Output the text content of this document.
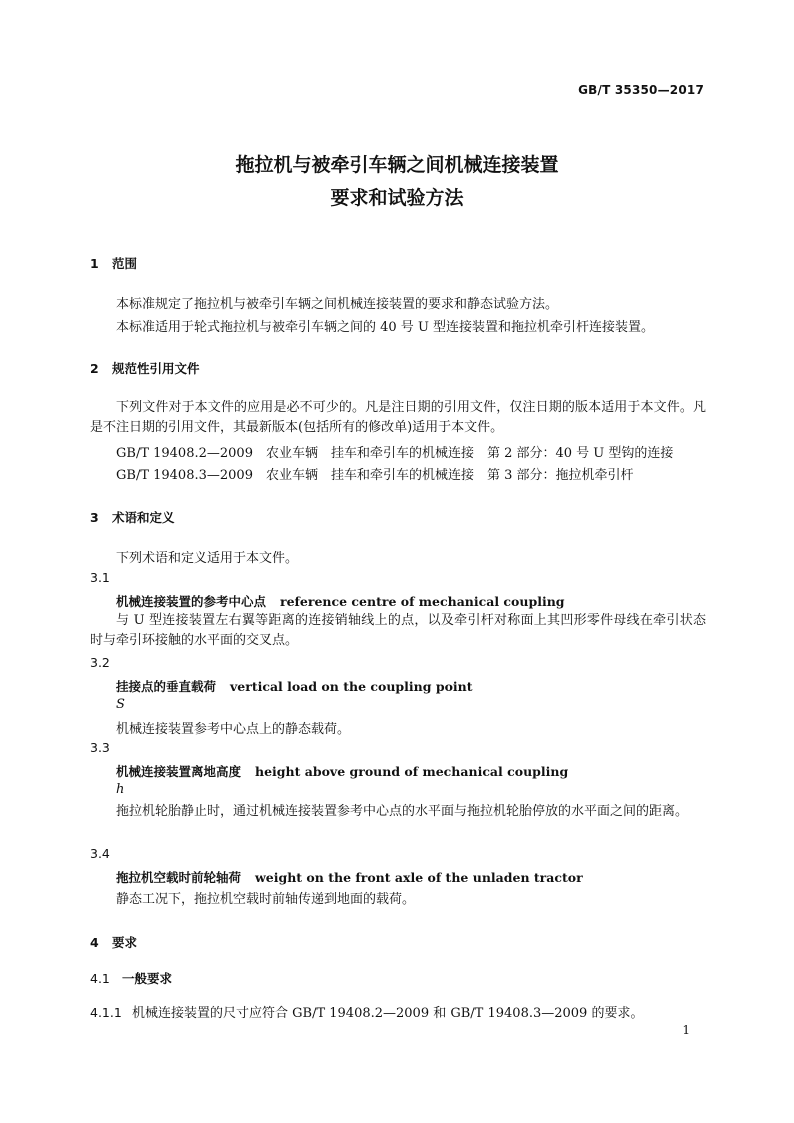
GB/T 35350—2017
拖拉机与被牵引车辆之间机械连接装置
要求和试验方法
1 范围
本标准规定了拖拉机与被牵引车辆之间机械连接装置的要求和静态试验方法。
本标准适用于轮式拖拉机与被牵引车辆之间的 40 号 U 型连接装置和拖拉机牵引杆连接装置。
2 规范性引用文件
下列文件对于本文件的应用是必不可少的。凡是注日期的引用文件，仅注日期的版本适用于本文件。凡是不注日期的引用文件，其最新版本(包括所有的修改单)适用于本文件。
GB/T 19408.2—2009　农业车辆　挂车和牵引车的机械连接　第 2 部分：40 号 U 型钩的连接
GB/T 19408.3—2009　农业车辆　挂车和牵引车的机械连接　第 3 部分：拖拉机牵引杆
3 术语和定义
下列术语和定义适用于本文件。
3.1
机械连接装置的参考中心点 reference centre of mechanical coupling
与 U 型连接装置左右翼等距离的连接销轴线上的点，以及牵引杆对称面上其凹形零件母线在牵引状态时与牵引环接触的水平面的交叉点。
3.2
挂接点的垂直载荷 vertical load on the coupling point
S
机械连接装置参考中心点上的静态载荷。
3.3
机械连接装置离地高度 height above ground of mechanical coupling
h
拖拉机轮胎静止时，通过机械连接装置参考中心点的水平面与拖拉机轮胎停放的水平面之间的距离。
3.4
拖拉机空载时前轮轴荷 weight on the front axle of the unladen tractor
静态工况下，拖拉机空载时前轴传递到地面的载荷。
4 要求
4.1 一般要求
4.1.1 机械连接装置的尺寸应符合 GB/T 19408.2—2009 和 GB/T 19408.3—2009 的要求。
1
